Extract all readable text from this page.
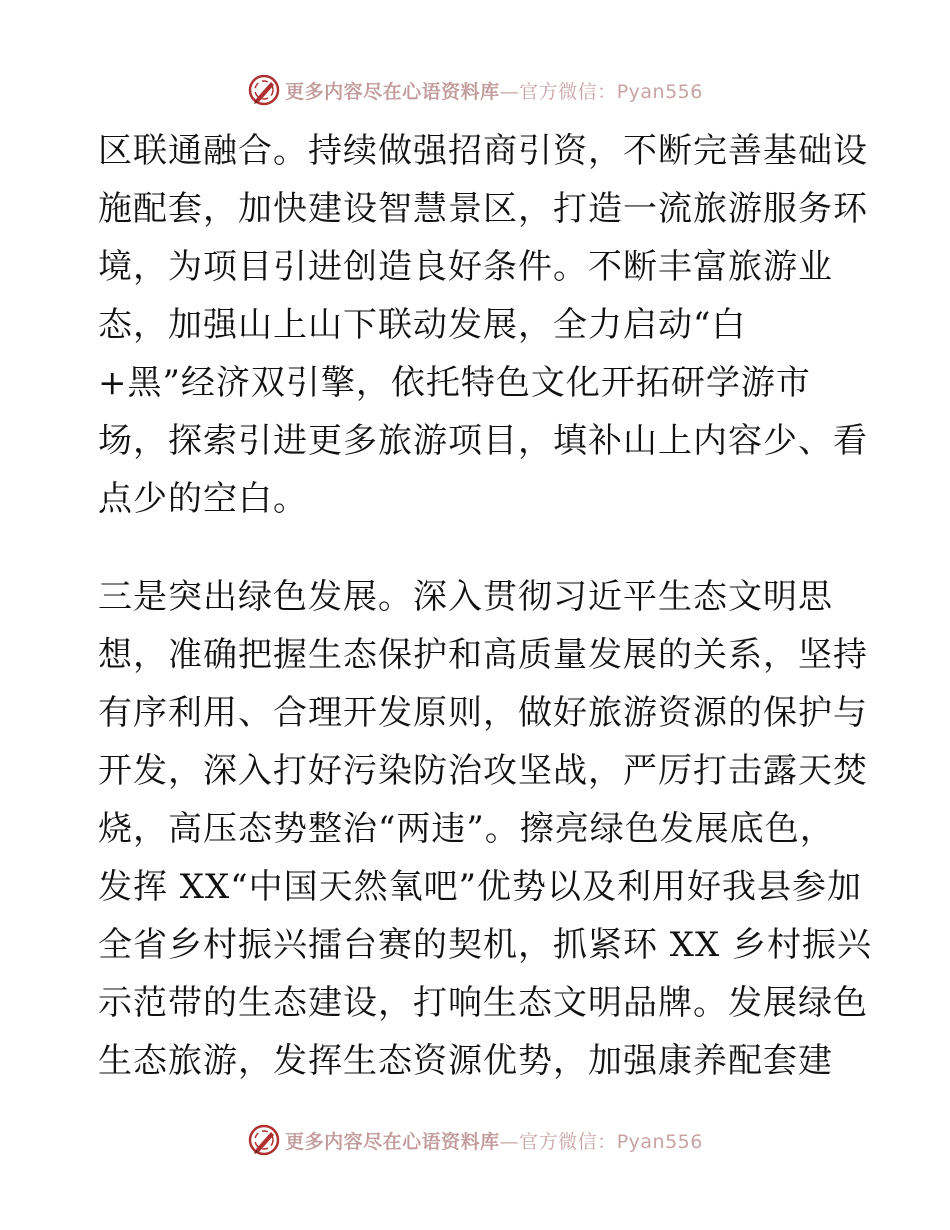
更多内容尽在心语资料库—官方微信：Pyan556
区联通融合。持续做强招商引资，不断完善基础设
施配套，加快建设智慧景区，打造一流旅游服务环
境，为项目引进创造良好条件。不断丰富旅游业
态，加强山上山下联动发展，全力启动“白
+黑”经济双引擎，依托特色文化开拓研学游市
场，探索引进更多旅游项目，填补山上内容少、看
点少的空白。
三是突出绿色发展。深入贯彻习近平生态文明思
想，准确把握生态保护和高质量发展的关系，坚持
有序利用、合理开发原则，做好旅游资源的保护与
开发，深入打好污染防治攻坚战，严厉打击露天焚
烧，高压态势整治“两违”。擦亮绿色发展底色，
发挥 XX“中国天然氧吧”优势以及利用好我县参加
全省乡村振兴擂台赛的契机，抓紧环 XX 乡村振兴
示范带的生态建设，打响生态文明品牌。发展绿色
生态旅游，发挥生态资源优势，加强康养配套建
更多内容尽在心语资料库—官方微信：Pyan556
